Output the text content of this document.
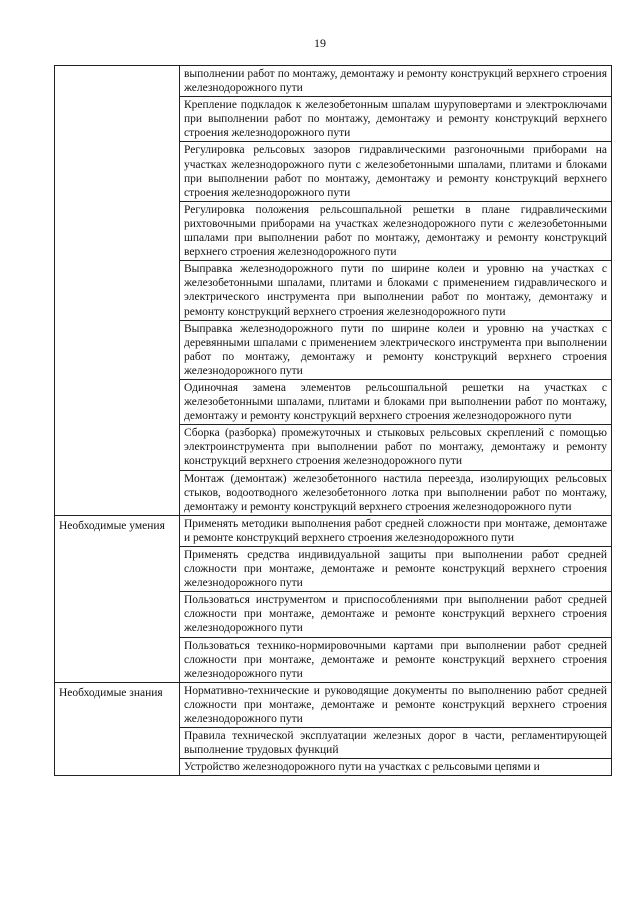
19
	выполнении работ по монтажу, демонтажу и ремонту конструкций верхнего строения железнодорожного пути
	Крепление подкладок к железобетонным шпалам шуруповертами и электроключами при выполнении работ по монтажу, демонтажу и ремонту конструкций верхнего строения железнодорожного пути
	Регулировка рельсовых зазоров гидравлическими разгоночными приборами на участках железнодорожного пути с железобетонными шпалами, плитами и блоками при выполнении работ по монтажу, демонтажу и ремонту конструкций верхнего строения железнодорожного пути
	Регулировка положения рельсошпальной решетки в плане гидравлическими рихтовочными приборами на участках железнодорожного пути с железобетонными шпалами при выполнении работ по монтажу, демонтажу и ремонту конструкций верхнего строения железнодорожного пути
	Выправка железнодорожного пути по ширине колеи и уровню на участках с железобетонными шпалами, плитами и блоками с применением гидравлического и электрического инструмента при выполнении работ по монтажу, демонтажу и ремонту конструкций верхнего строения железнодорожного пути
	Выправка железнодорожного пути по ширине колеи и уровню на участках с деревянными шпалами с применением электрического инструмента при выполнении работ по монтажу, демонтажу и ремонту конструкций верхнего строения железнодорожного пути
	Одиночная замена элементов рельсошпальной решетки на участках с железобетонными шпалами, плитами и блоками при выполнении работ по монтажу, демонтажу и ремонту конструкций верхнего строения железнодорожного пути
	Сборка (разборка) промежуточных и стыковых рельсовых скреплений с помощью электроинструмента при выполнении работ по монтажу, демонтажу и ремонту конструкций верхнего строения железнодорожного пути
	Монтаж (демонтаж) железобетонного настила переезда, изолирующих рельсовых стыков, водоотводного железобетонного лотка при выполнении работ по монтажу, демонтажу и ремонту конструкций верхнего строения железнодорожного пути

Необходимые умения	Применять методики выполнения работ средней сложности при монтаже, демонтаже и ремонте конструкций верхнего строения железнодорожного пути
	Применять средства индивидуальной защиты при выполнении работ средней сложности при монтаже, демонтаже и ремонте конструкций верхнего строения железнодорожного пути
	Пользоваться инструментом и приспособлениями при выполнении работ средней сложности при монтаже, демонтаже и ремонте конструкций верхнего строения железнодорожного пути
	Пользоваться технико-нормировочными картами при выполнении работ средней сложности при монтаже, демонтаже и ремонте конструкций верхнего строения железнодорожного пути

Необходимые знания	Нормативно-технические и руководящие документы по выполнению работ средней сложности при монтаже, демонтаже и ремонте конструкций верхнего строения железнодорожного пути
	Правила технической эксплуатации железных дорог в части, регламентирующей выполнение трудовых функций
	Устройство железнодорожного пути на участках с рельсовыми цепями и
